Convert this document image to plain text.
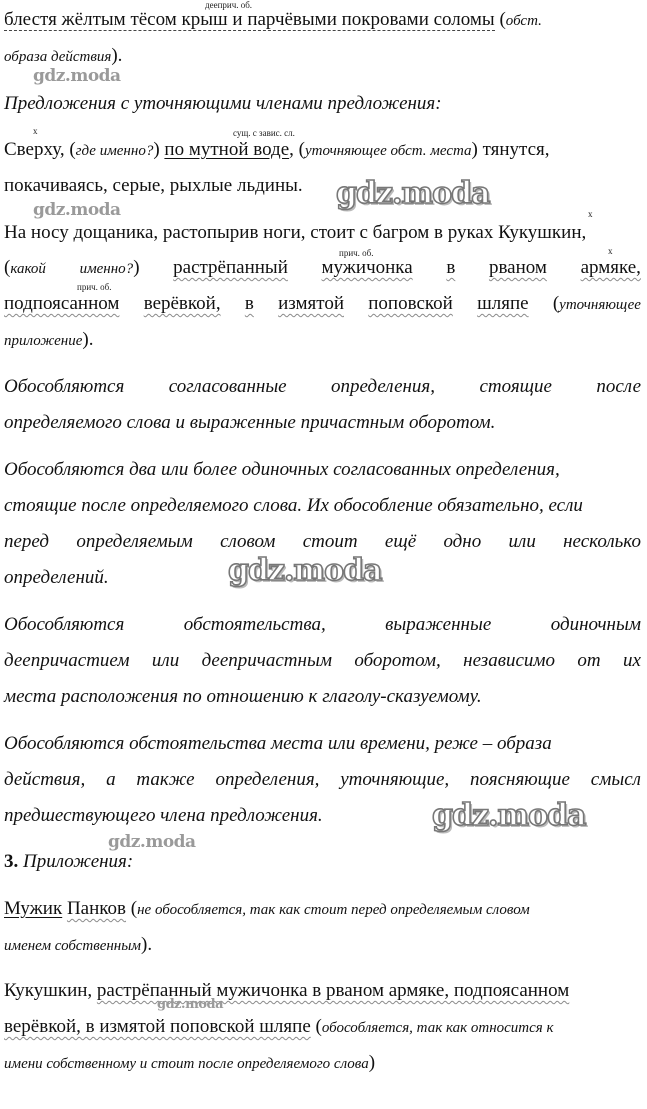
дееприч. об.
x	сущ. с завис. сл.
x
прич. об.	x
прич. об.
блестя жёлтым тёсом крыш и парчёвыми покровами соломы (обст.
образа действия).
Предложения с уточняющими членами предложения:
Сверху, (где именно?) по мутной воде, (уточняющее обст. места) тянутся,
покачиваясь, серые, рыхлые льдины.
На носу дощаника, растопырив ноги, стоит с багром в руках Кукушкин,
(какой именно?) растрёпанный мужичонка в рваном армяке,
подпоясанном верёвкой, в измятой поповской шляпе (уточняющее
приложение).
Обособляются согласованные определения, стоящие после
определяемого слова и выраженные причастным оборотом.
Обособляются два или более одиночных согласованных определения,
стоящие после определяемого слова. Их обособление обязательно, если
перед определяемым словом стоит ещё одно или несколько
определений.
Обособляются	обстоятельства,	выраженные	одиночным
деепричастием или деепричастным оборотом, независимо от их
места расположения по отношению к глаголу-сказуемому.
Обособляются обстоятельства места или времени, реже – образа
действия, а также определения, уточняющие, поясняющие смысл
предшествующего члена предложения.
3. Приложения:
Мужик Панков (не обособляется, так как стоит перед определяемым словом
именем собственным).
Кукушкин, растрёпанный мужичонка в рваном армяке, подпоясанном
верёвкой, в измятой поповской шляпе (обособляется, так как относится к
имени собственному и стоит после определяемого слова)
gdz.moda
gdz.moda	gdz.moda
gdz.moda
gdz.moda
gdz.moda
gdz.moda
